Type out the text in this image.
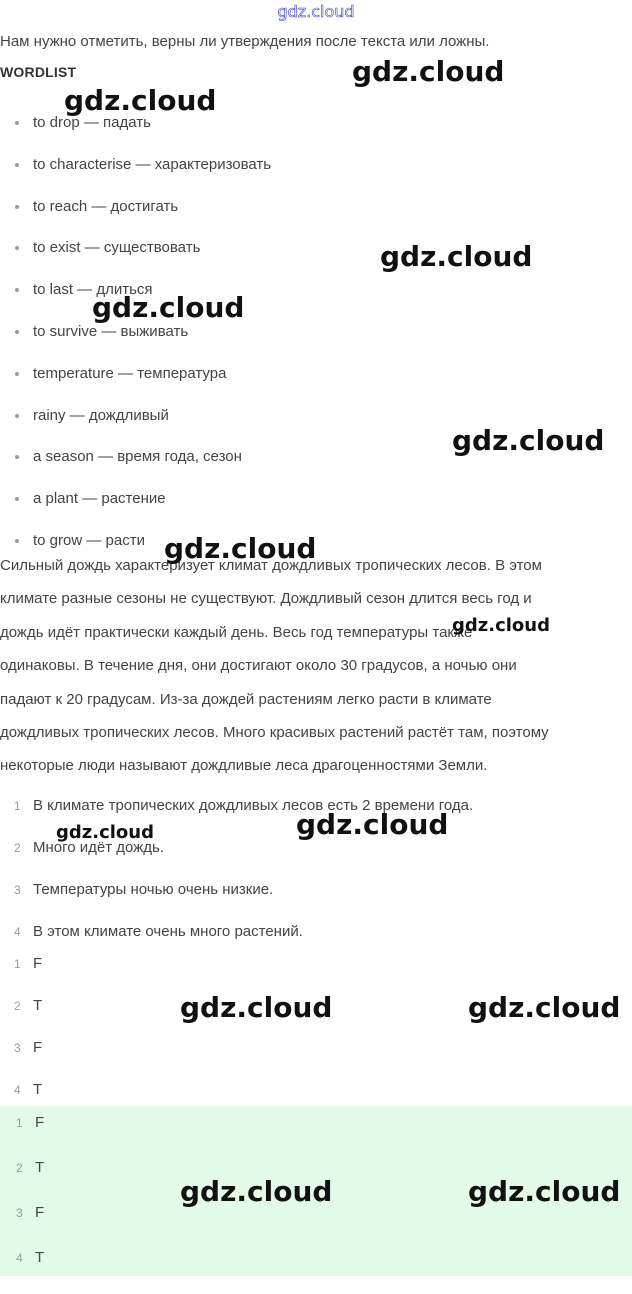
gdz.cloud

Нам нужно отметить, верны ли утверждения после текста или ложны.

WORDLIST
to drop — падать
to characterise — характеризовать
to reach — достигать
to exist — существовать
to last — длиться
to survive — выживать
temperature — температура
rainy — дождливый
a season — время года, сезон
a plant — растение
to grow — расти
Сильный дождь характеризует климат дождливых тропических лесов. В этом
климате разные сезоны не существуют. Дождливый сезон длится весь год и
дождь идёт практически каждый день. Весь год температуры также
одинаковы. В течение дня, они достигают около 30 градусов, а ночью они
падают к 20 градусам. Из-за дождей растениям легко расти в климате
дождливых тропических лесов. Много красивых растений растёт там, поэтому
некоторые люди называют дождливые леса драгоценностями Земли.
1 В климате тропических дождливых лесов есть 2 времени года.
2 Много идёт дождь.
3 Температуры ночью очень низкие.
4 В этом климате очень много растений.
1 F
2 T
3 F
4 T
1 F
2 T
3 F
4 T
gdz.cloud
gdz.cloud
gdz.cloud
gdz.cloud
gdz.cloud
gdz.cloud
gdz.cloud
gdz.cloud
gdz.cloud
gdz.cloud	gdz.cloud
gdz.cloud	gdz.cloud
